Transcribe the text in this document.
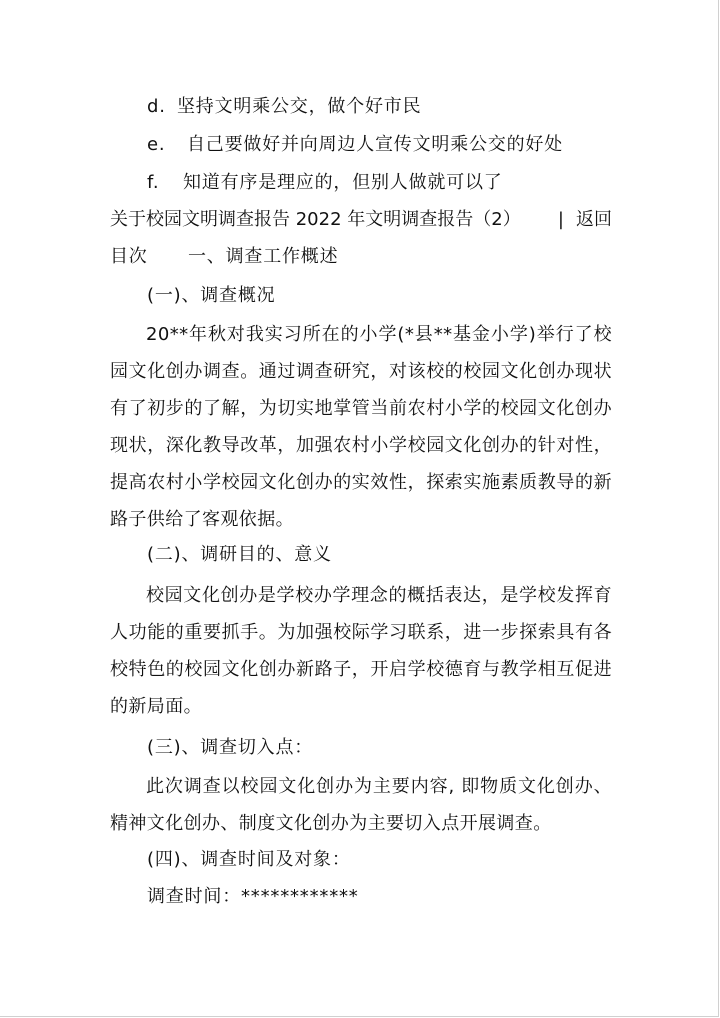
d. 坚持文明乘公交，做个好市民
e. 自己要做好并向周边人宣传文明乘公交的好处
f. 知道有序是理应的，但别人做就可以了
关于校园文明调查报告 2022 年文明调查报告（2） | 返回
目次 一、调查工作概述
(一)、调查概况
20**年秋对我实习所在的小学(*县**基金小学)举行了校园文化创办调查。通过调查研究，对该校的校园文化创办现状有了初步的了解，为切实地掌管当前农村小学的校园文化创办现状，深化教导改革，加强农村小学校园文化创办的针对性，提高农村小学校园文化创办的实效性，探索实施素质教导的新路子供给了客观依据。
(二)、调研目的、意义
校园文化创办是学校办学理念的概括表达，是学校发挥育人功能的重要抓手。为加强校际学习联系，进一步探索具有各校特色的校园文化创办新路子，开启学校德育与教学相互促进的新局面。
(三)、调查切入点：
此次调查以校园文化创办为主要内容, 即物质文化创办、精神文化创办、制度文化创办为主要切入点开展调查。
(四)、调查时间及对象：
调查时间：************
